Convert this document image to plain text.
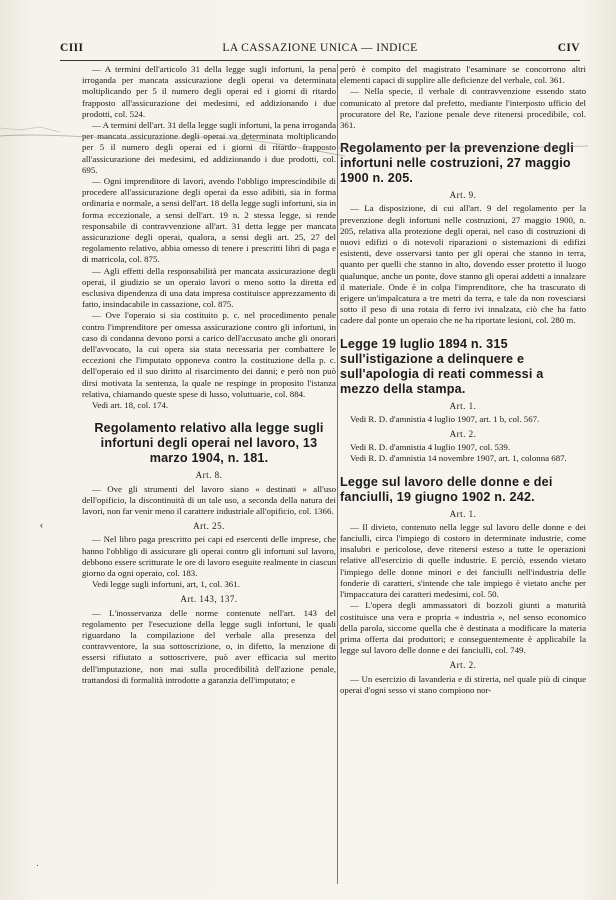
CIII	LA CASSAZIONE UNICA — INDICE	CIV

— A termini dell'articolo 31 della legge sugli infortuni, la pena irroganda per mancata assicurazione degli operai va determinata moltiplicando per 5 il numero degli operai ed i giorni di ritardo frapposto all'assicurazione dei medesimi, ed addizionando i due prodotti, col. 524.

— A termini dell'art. 31 della legge sugli infortuni, la pena irroganda per mancata assicurazione degli operai va determinata moltiplicando per 5 il numero degli operai ed i giorni di ritardo frapposto all'assicurazione dei medesimi, ed addizionando i due prodotti, col. 695.

— Ogni imprenditore di lavori, avendo l'obbligo imprescindibile di procedere all'assicurazione degli operai da esso adibiti, sia in forma ordinaria e normale, a sensi dell'art. 18 della legge sugli infortuni, sia in forma eccezionale, a sensi dell'art. 19 n. 2 stessa legge, si rende responsabile di contravvenzione all'art. 31 detta legge per mancata assicurazione degli operai, qualora, a sensi degli art. 25, 27 del regolamento relativo, abbia omesso di tenere i prescritti libri di paga e di matricola, col. 875.

— Agli effetti della responsabilità per mancata assicurazione degli operai, il giudizio se un operaio lavori o meno sotto la diretta ed esclusiva dipendenza di una data impresa costituisce apprezzamento di fatto, insindacabile in cassazione, col. 875.

— Ove l'operaio si sia costituito p. c. nel procedimento penale contro l'imprenditore per omessa assicurazione contro gli infortuni, in caso di condanna devono porsi a carico dell'accusato anche gli onorari dell'avvocato, la cui opera sia stata necessaria per combattere le eccezioni che l'imputato opponeva contro la costituzione della p. c. dell'operaio ed il suo diritto al risarcimento dei danni; e però non può dirsi motivata la sentenza, la quale ne respinge in proposito l'istanza relativa, chiamando queste spese di lusso, voluttuarie, col. 884.

Vedi art. 18, col. 174.

Regolamento relativo alla legge sugli infortuni degli operai nel lavoro, 13 marzo 1904, n. 181.
Art. 8.

— Ove gli strumenti del lavoro siano « destinati » all'uso dell'opificio, la discontinuità di un tale uso, a seconda della natura dei lavori, non far venir meno il carattere industriale all'opificio, col. 1366.

Art. 25.

— Nel libro paga prescritto pei capi ed esercenti delle imprese, che hanno l'obbligo di assicurare gli operai contro gli infortuni sul lavoro, debbono essere scritturate le ore di lavoro eseguite realmente in ciascun giorno da ogni operaio, col. 183.

Vedi legge sugli infortuni, art, 1, col. 361.

Art. 143, 137.

— L'inosservanza delle norme contenute nell'art. 143 del regolamento per l'esecuzione della legge sugli infortuni, le quali riguardano la compilazione del verbale alla presenza del contravventore, la sua sottoscrizione, o, in difetto, la menzione di essersi rifiutato a sottoscrivere, può aver efficacia sul merito dell'imputazione, non mai sulla procedibilità dell'azione penale, trattandosi di formalità introdotte a garanzia dell'imputato; e

però è compito del magistrato l'esaminare se concorrono altri elementi capaci di supplire alle deficienze del verbale, col. 361.

— Nella specie, il verbale di contravvenzione essendo stato comunicato al pretore dal prefetto, mediante l'interposto ufficio del procuratore del Re, l'azione penale deve ritenersi procedibile, col. 361.

Regolamento per la prevenzione degli infortuni nelle costruzioni, 27 maggio 1900 n. 205.
Art. 9.

— La disposizione, di cui all'art. 9 del regolamento per la prevenzione degli infortuni nelle costruzioni, 27 maggio 1900, n. 205, relativa alla protezione degli operai, nel caso di costruzioni di nuovi edifizi o di notevoli riparazioni o sistemazioni di edifizi esistenti, deve osservarsi tanto per gli operai che stanno in terra, quanto per quelli che stanno in alto, dovendo esser protetto il luogo qualunque, anche un ponte, dove stanno gli operai addetti a innalzare il materiale. Onde è in colpa l'imprenditore, che ha trascurato di erigere un'impalcatura a tre metri da terra, e tale da non rovesciarsi sotto il peso di una rotaia di ferro ivi innalzata, ciò che ha fatto cadere dal ponte un operaio che ne ha riportate lesioni, col. 280 m.

Legge 19 luglio 1894 n. 315 sull'istigazione a delinquere e sull'apologia di reati commessi a mezzo della stampa.
Art. 1.

Vedi R. D. d'amnistia 4 luglio 1907, art. 1 b, col. 567.

Art. 2.

Vedi R. D. d'amnistia 4 luglio 1907, col. 539.

Vedi R. D. d'amnistia 14 novembre 1907, art. 1, colonna 687.

Legge sul lavoro delle donne e dei fanciulli, 19 giugno 1902 n. 242.
Art. 1.

— Il divieto, contenuto nella legge sul lavoro delle donne e dei fanciulli, circa l'impiego di costoro in determinate industrie, come insalubri e pericolose, deve ritenersi esteso a tutte le operazioni relative all'esercizio di quelle industrie. E perciò, essendo vietato l'impiego delle donne minori e dei fanciulli nell'industria delle fonderie di caratteri, s'intende che tale impiego è vietato anche per l'impaccatura dei caratteri medesimi, col. 50.

— L'opera degli ammassatori di bozzoli giunti a maturità costituisce una vera e propria « industria », nel senso economico della parola, siccome quella che è destinata a modificare la materia prima offerta dai produttori; e conseguentemente è applicabile la legge sul lavoro delle donne e dei fanciulli, col. 749.

Art. 2.

— Un esercizio di lavanderia e di stireria, nel quale più di cinque operai d'ogni sesso vi stano compiono nor-

‹
·
